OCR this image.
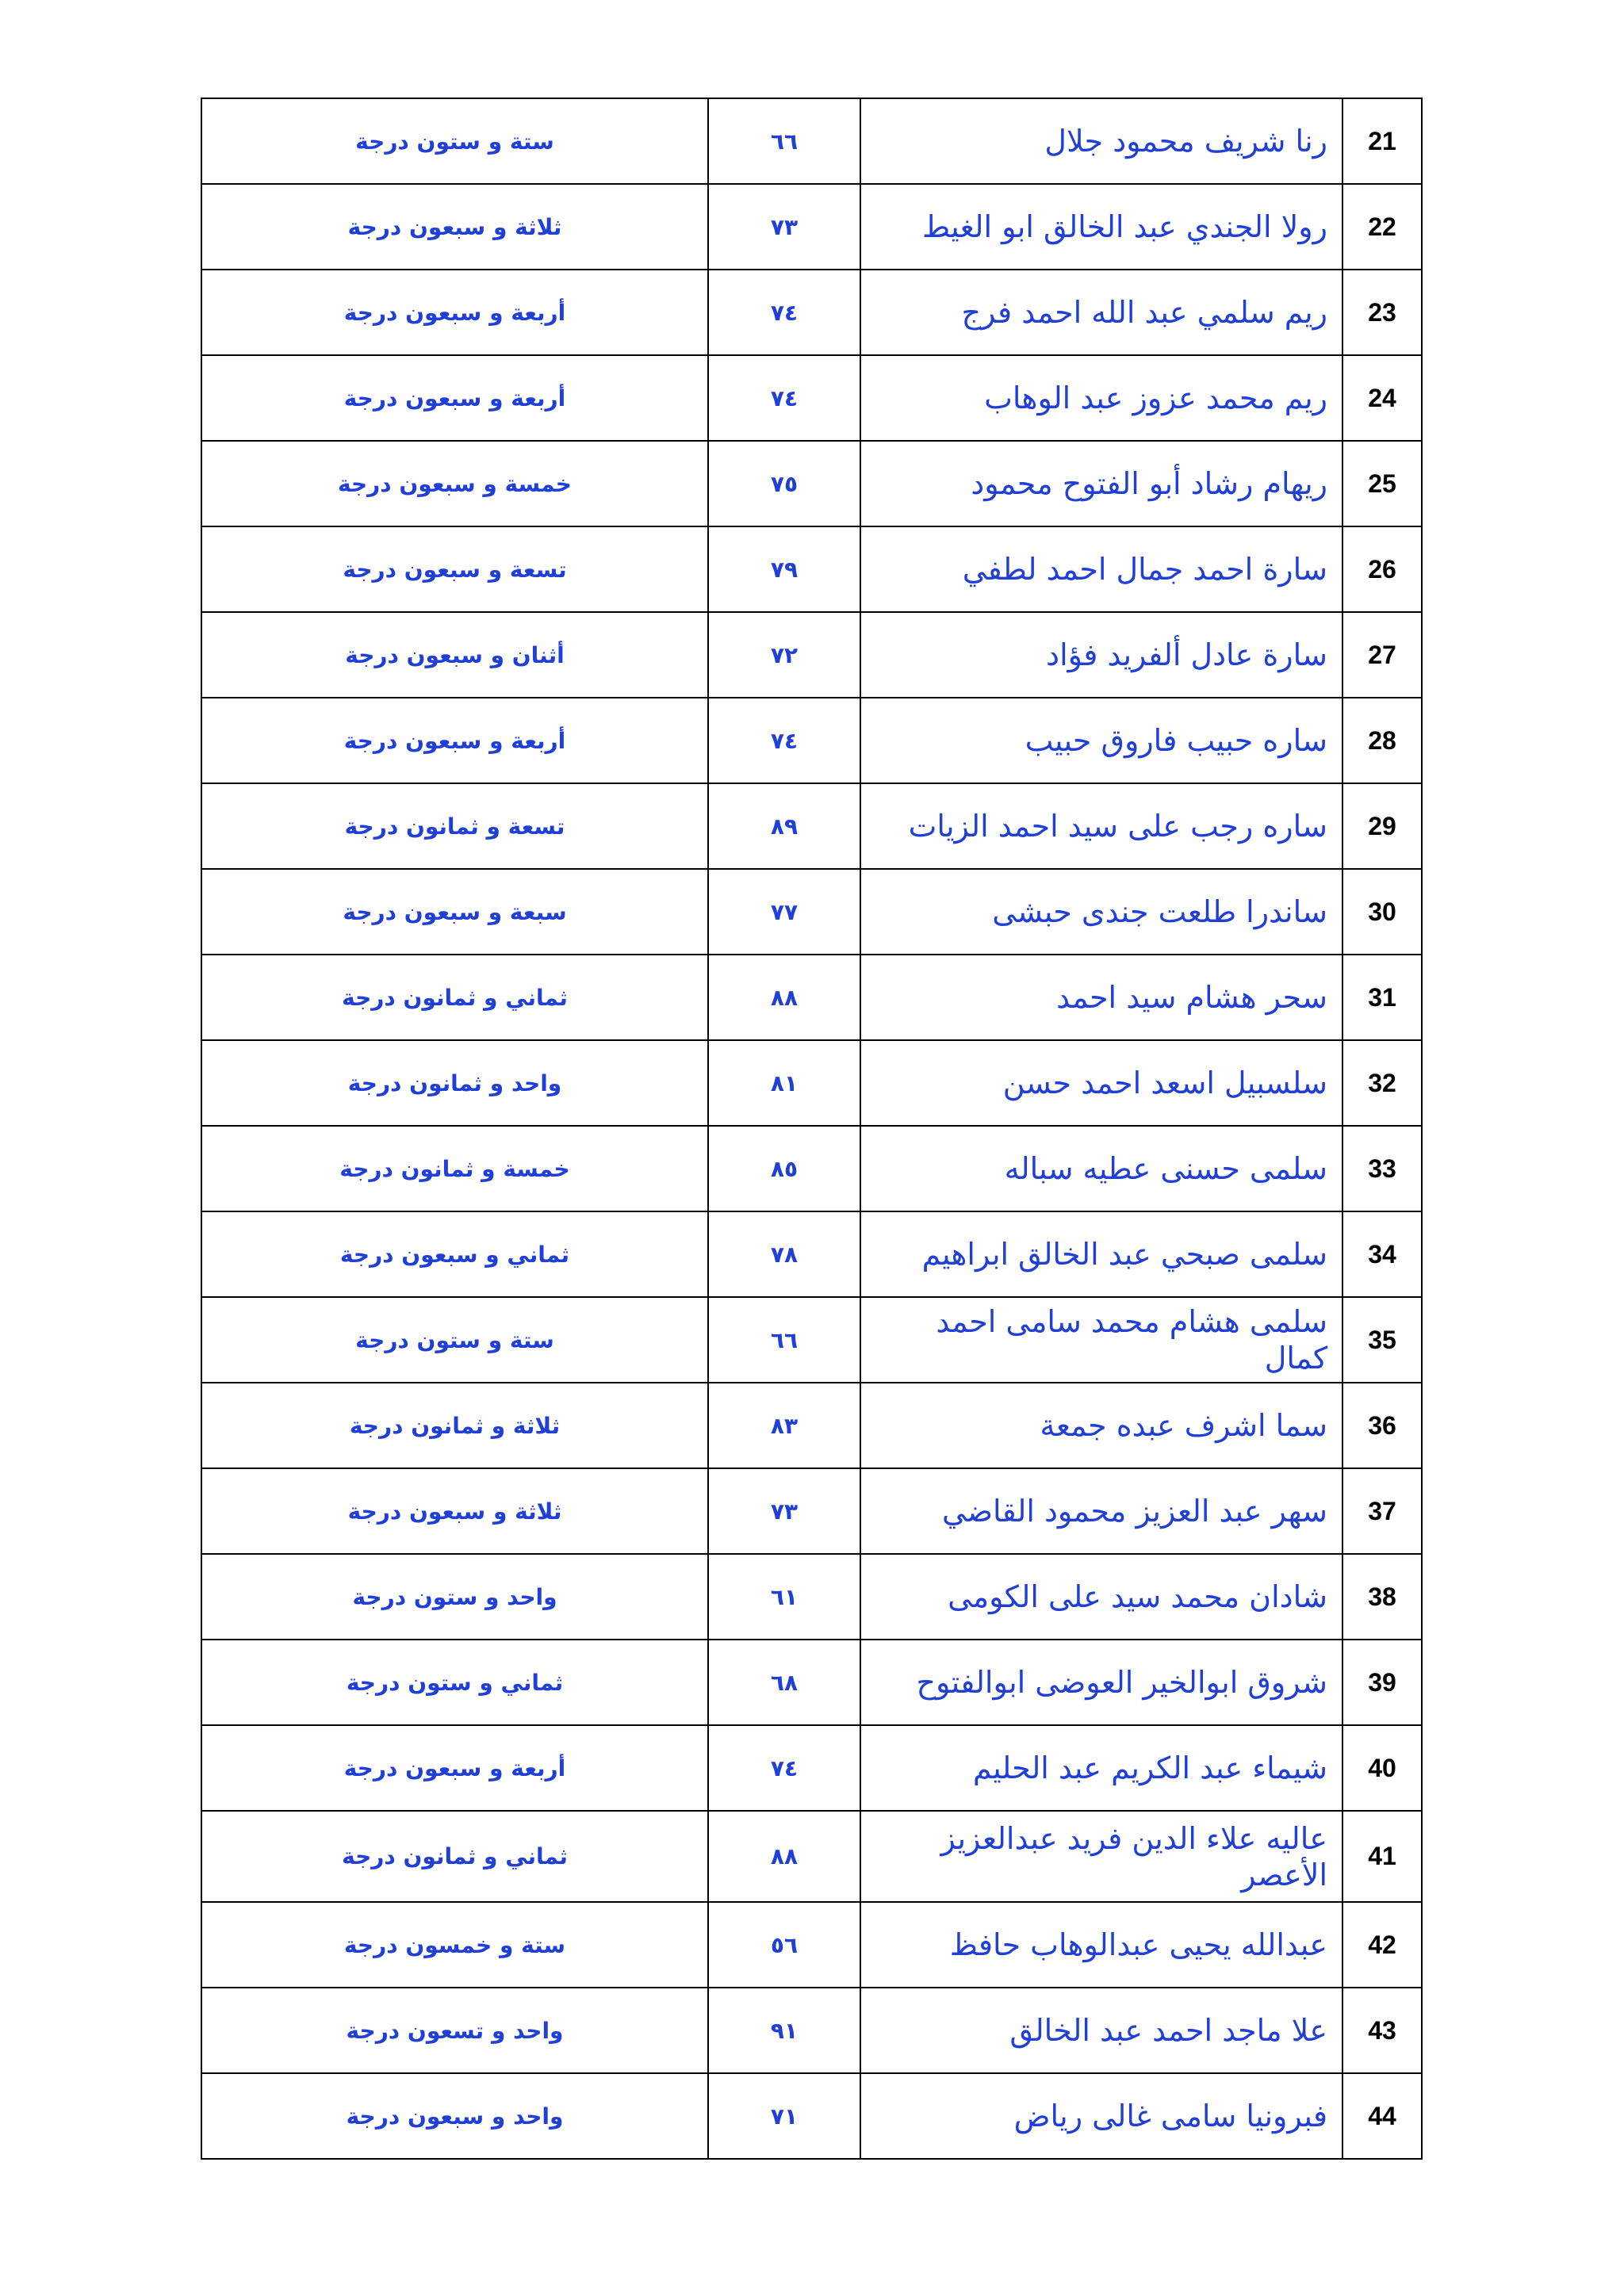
21	رنا شريف محمود جلال	٦٦	ستة و ستون درجة
22	رولا الجندي عبد الخالق ابو الغيط	٧٣	ثلاثة و سبعون درجة
23	ريم سلمي عبد الله احمد فرج	٧٤	أربعة و سبعون درجة
24	ريم محمد عزوز عبد الوهاب	٧٤	أربعة و سبعون درجة
25	ريهام رشاد أبو الفتوح محمود	٧٥	خمسة و سبعون درجة
26	سارة احمد جمال احمد لطفي	٧٩	تسعة و سبعون درجة
27	سارة عادل ألفريد فؤاد	٧٢	أثنان و سبعون درجة
28	ساره حبيب فاروق حبيب	٧٤	أربعة و سبعون درجة
29	ساره رجب على سيد احمد الزيات	٨٩	تسعة و ثمانون درجة
30	ساندرا طلعت جندى حبشى	٧٧	سبعة و سبعون درجة
31	سحر هشام سيد احمد	٨٨	ثماني و ثمانون درجة
32	سلسبيل اسعد احمد حسن	٨١	واحد و ثمانون درجة
33	سلمى حسنى عطيه سباله	٨٥	خمسة و ثمانون درجة
34	سلمى صبحي عبد الخالق ابراهيم	٧٨	ثماني و سبعون درجة
35	سلمى هشام محمد سامى احمد كمال	٦٦	ستة و ستون درجة
36	سما اشرف عبده جمعة	٨٣	ثلاثة و ثمانون درجة
37	سهر عبد العزيز محمود القاضي	٧٣	ثلاثة و سبعون درجة
38	شادان محمد سيد على الكومى	٦١	واحد و ستون درجة
39	شروق ابوالخير العوضى ابوالفتوح	٦٨	ثماني و ستون درجة
40	شيماء عبد الكريم عبد الحليم	٧٤	أربعة و سبعون درجة
41	عاليه علاء الدين فريد عبدالعزيز الأعصر	٨٨	ثماني و ثمانون درجة
42	عبدالله يحيى عبدالوهاب حافظ	٥٦	ستة و خمسون درجة
43	علا ماجد احمد عبد الخالق	٩١	واحد و تسعون درجة
44	فبرونيا سامى غالى رياض	٧١	واحد و سبعون درجة
